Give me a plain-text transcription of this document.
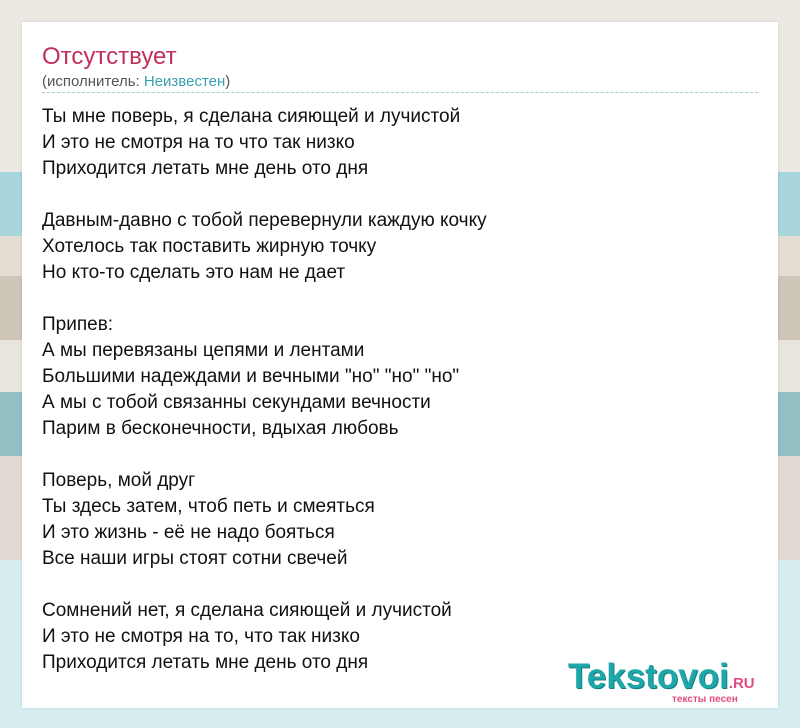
Отсутствует
(исполнитель: Неизвестен)
Ты мне поверь, я сделана сияющей и лучистой
И это не смотря на то что так низко
Приходится летать мне день ото дня
Давным-давно с тобой перевернули каждую кочку
Хотелось так поставить жирную точку
Но кто-то сделать это нам не дает
Припев:
А мы перевязаны цепями и лентами
Большими надеждами и вечными "но" "но" "но"
А мы с тобой связанны секундами вечности
Парим в бесконечности, вдыхая любовь
Поверь, мой друг
Ты здесь затем, чтоб петь и смеяться
И это жизнь - её не надо бояться
Все наши игры стоят сотни свечей
Сомнений нет, я сделана сияющей и лучистой
И это не смотря на то, что так низко
Приходится летать мне день ото дня	Tekstovoi.RU
тексты песен
